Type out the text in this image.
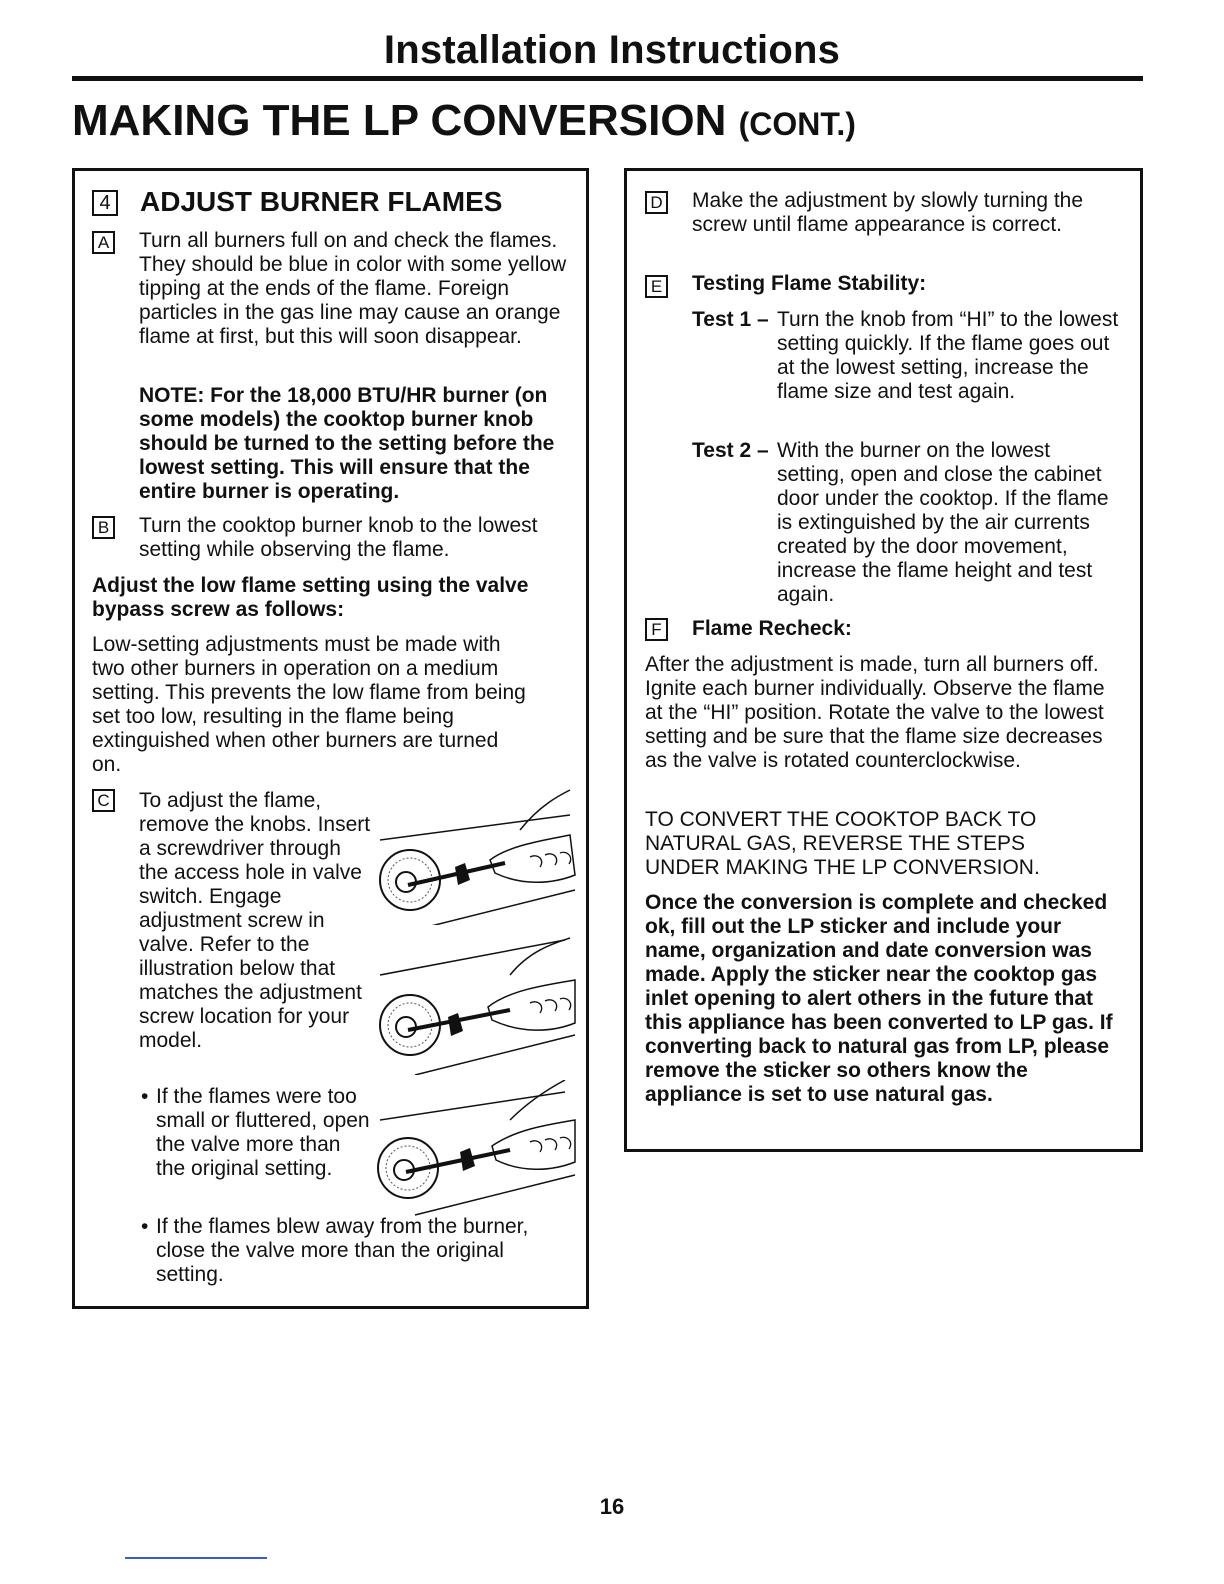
Installation Instructions
MAKING THE LP CONVERSION (CONT.)
4 ADJUST BURNER FLAMES
A Turn all burners full on and check the flames. They should be blue in color with some yellow tipping at the ends of the flame. Foreign particles in the gas line may cause an orange flame at first, but this will soon disappear.

NOTE: For the 18,000 BTU/HR burner (on some models) the cooktop burner knob should be turned to the setting before the lowest setting. This will ensure that the entire burner is operating.

B Turn the cooktop burner knob to the lowest setting while observing the flame.

Adjust the low flame setting using the valve bypass screw as follows:

Low-setting adjustments must be made with two other burners in operation on a medium setting. This prevents the low flame from being set too low, resulting in the flame being extinguished when other burners are turned on.

C To adjust the flame, remove the knobs. Insert a screwdriver through the access hole in valve switch. Engage adjustment screw in valve. Refer to the illustration below that matches the adjustment screw location for your model.

• If the flames were too small or fluttered, open the valve more than the original setting.

• If the flames blew away from the burner, close the valve more than the original setting.

D Make the adjustment by slowly turning the screw until flame appearance is correct.

E Testing Flame Stability:

Test 1 – Turn the knob from “HI” to the lowest setting quickly. If the flame goes out at the lowest setting, increase the flame size and test again.

Test 2 – With the burner on the lowest setting, open and close the cabinet door under the cooktop. If the flame is extinguished by the air currents created by the door movement, increase the flame height and test again.

F	Flame Recheck:

After the adjustment is made, turn all burners off. Ignite each burner individually. Observe the flame at the “HI” position. Rotate the valve to the lowest setting and be sure that the flame size decreases as the valve is rotated counterclockwise.

TO CONVERT THE COOKTOP BACK TO NATURAL GAS, REVERSE THE STEPS UNDER MAKING THE LP CONVERSION.

Once the conversion is complete and checked ok, fill out the LP sticker and include your name, organization and date conversion was made. Apply the sticker near the cooktop gas inlet opening to alert others in the future that this appliance has been converted to LP gas. If converting back to natural gas from LP, please remove the sticker so others know the appliance is set to use natural gas.

16
